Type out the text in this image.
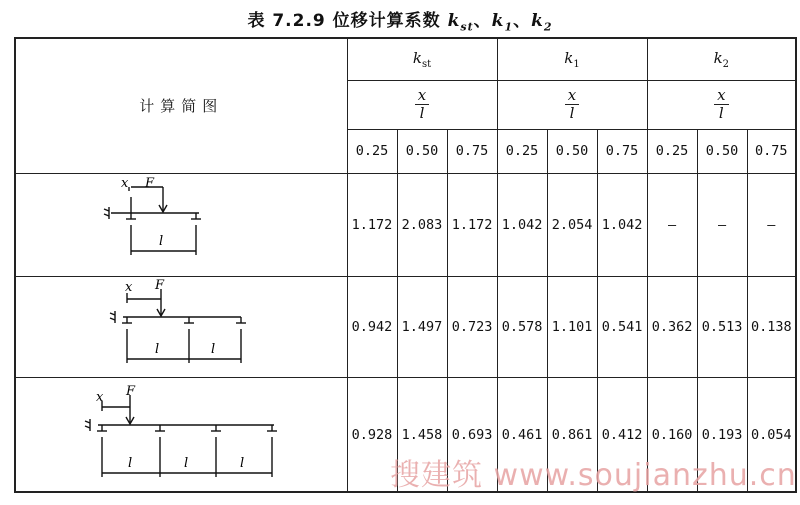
表 7.2.9 位移计算系数 $k_{st}$、$k_1$、$k_2$
计算简图	$k_{st}$			$k_1$			$k_2$

	$\frac{x}{l}$			$\frac{x}{l}$			$\frac{x}{l}$

	0.25	0.50	0.75	0.25	0.50	0.75	0.25	0.50	0.75

x F
l	1.172	2.083	1.172	1.042	2.054	1.042	—	—	—

x F
l l	0.942	1.497	0.723	0.578	1.101	0.541	0.362	0.513	0.138

x F
l l l	0.928	1.458	0.693	0.461	0.861	0.412	0.160	0.193	0.054
搜建筑 www.soujianzhu.cn
